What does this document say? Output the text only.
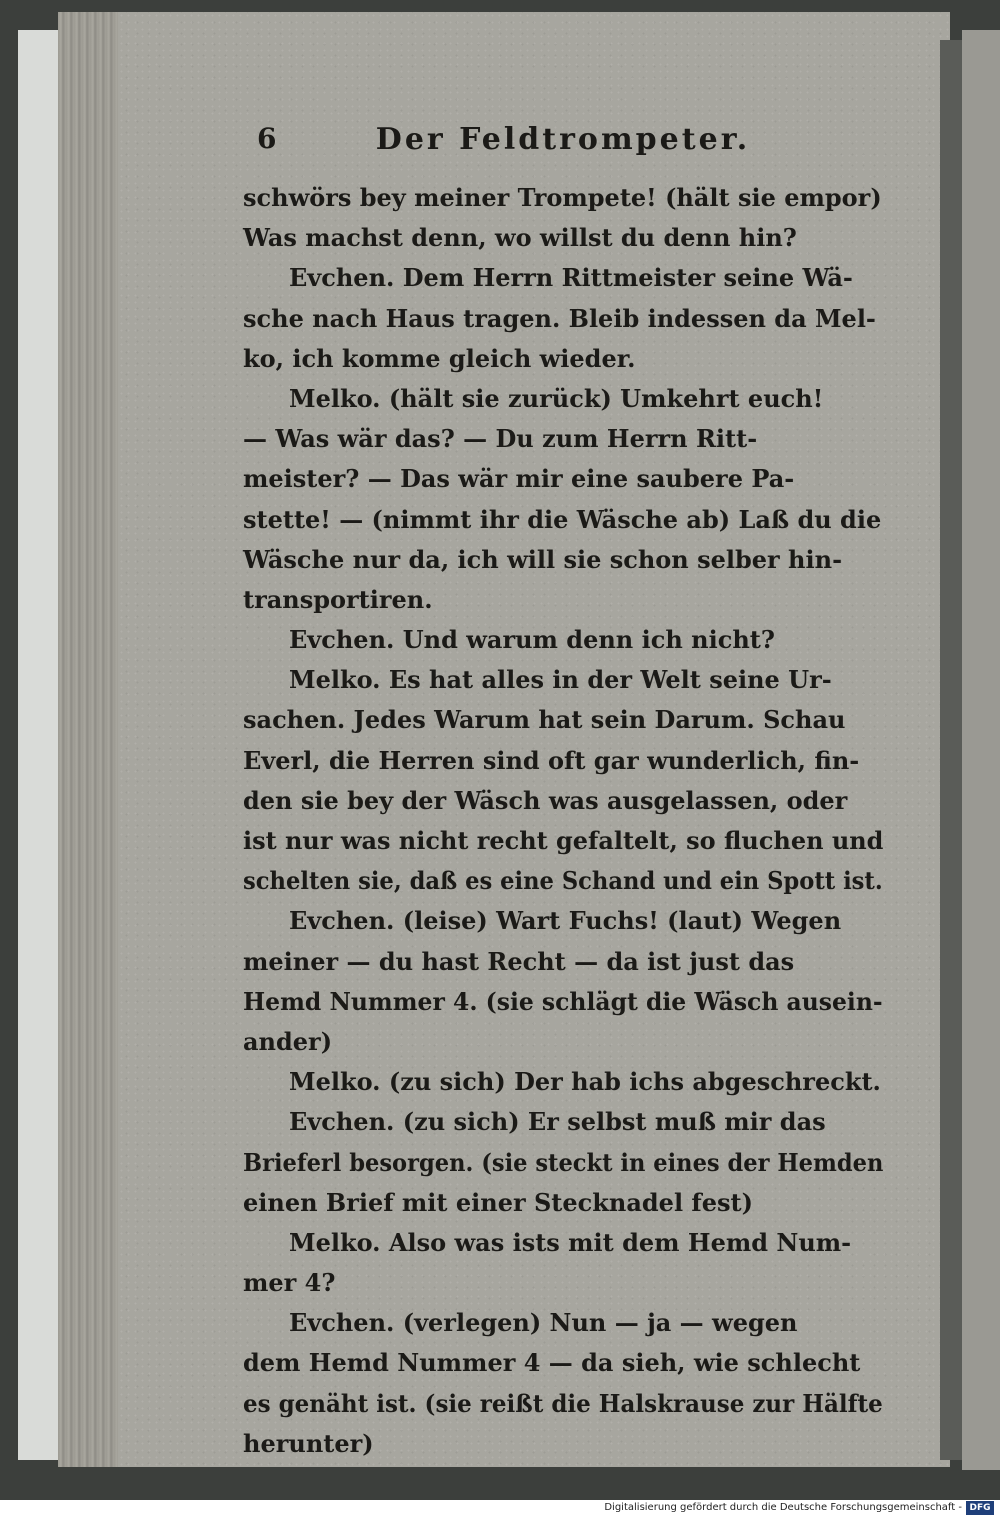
6	Der Feldtrompeter.
schwörs bey meiner Trompete! (hält sie empor)
Was machst denn, wo willst du denn hin?
Evchen. Dem Herrn Rittmeister seine Wä-
sche nach Haus tragen. Bleib indessen da Mel-
ko, ich komme gleich wieder.
Melko. (hält sie zurück) Umkehrt euch!
— Was wär das? — Du zum Herrn Ritt-
meister? — Das wär mir eine saubere Pa-
stette! — (nimmt ihr die Wäsche ab) Laß du die
Wäsche nur da, ich will sie schon selber hin-
transportiren.
Evchen. Und warum denn ich nicht?
Melko. Es hat alles in der Welt seine Ur-
sachen. Jedes Warum hat sein Darum. Schau
Everl, die Herren sind oft gar wunderlich, fin-
den sie bey der Wäsch was ausgelassen, oder
ist nur was nicht recht gefaltelt, so fluchen und
schelten sie, daß es eine Schand und ein Spott ist.
Evchen. (leise) Wart Fuchs! (laut) Wegen
meiner — du hast Recht — da ist just das
Hemd Nummer 4. (sie schlägt die Wäsch ausein-
ander)
Melko. (zu sich) Der hab ichs abgeschreckt.
Evchen. (zu sich) Er selbst muß mir das
Brieferl besorgen. (sie steckt in eines der Hemden
einen Brief mit einer Stecknadel fest)
Melko. Also was ists mit dem Hemd Num-
mer 4?
Evchen. (verlegen) Nun — ja — wegen
dem Hemd Nummer 4 — da sieh, wie schlecht
es genäht ist. (sie reißt die Halskrause zur Hälfte
herunter)
Digitalisierung gefördert durch die Deutsche Forschungsgemeinschaft - DFG
